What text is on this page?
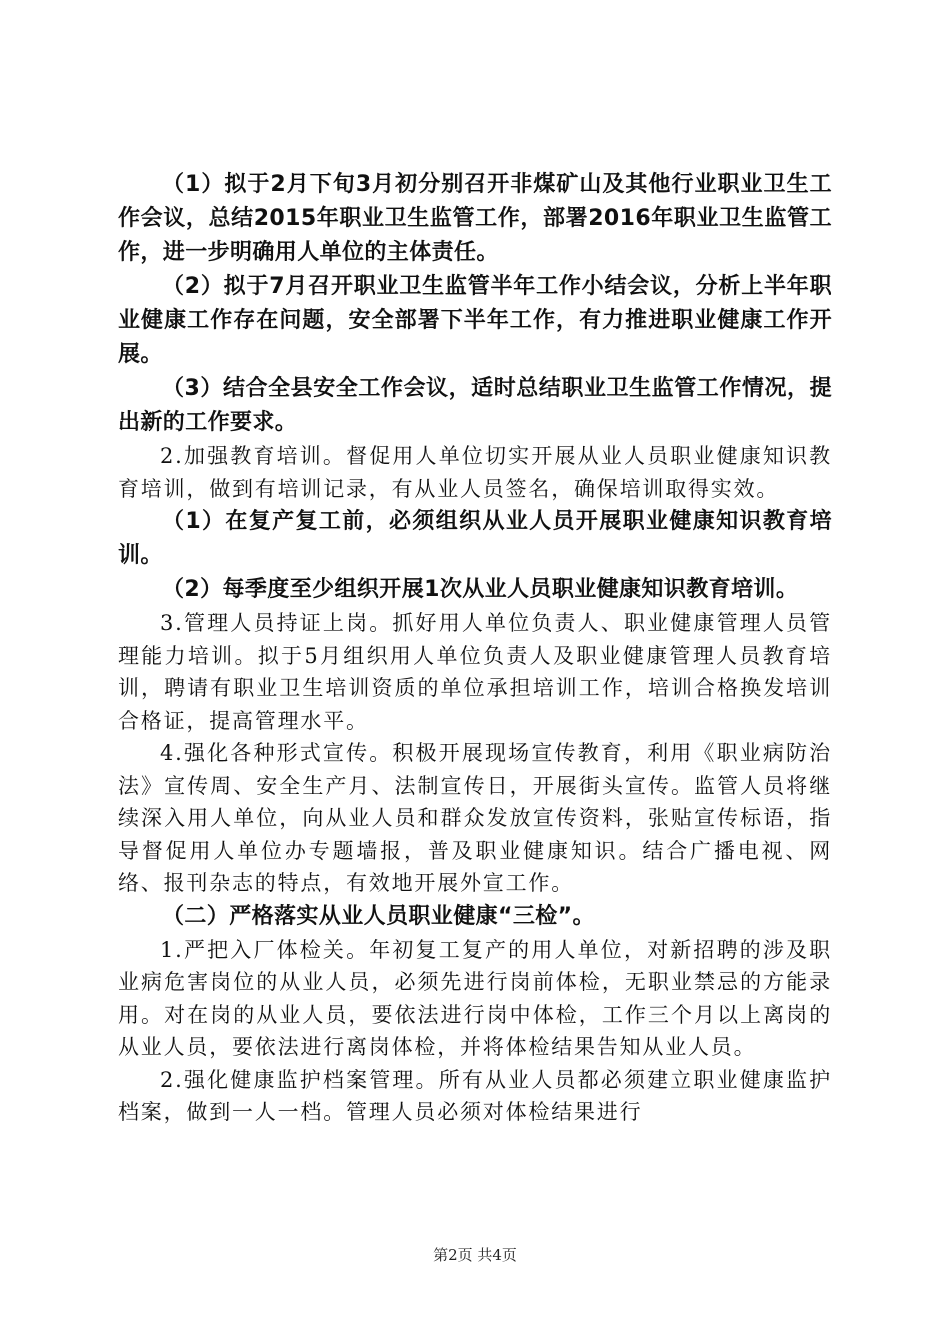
（1）拟于2月下旬3月初分别召开非煤矿山及其他行业职业卫生工作会议，总结2015年职业卫生监管工作，部署2016年职业卫生监管工作，进一步明确用人单位的主体责任。

（2）拟于7月召开职业卫生监管半年工作小结会议，分析上半年职业健康工作存在问题，安全部署下半年工作，有力推进职业健康工作开展。

（3）结合全县安全工作会议，适时总结职业卫生监管工作情况，提出新的工作要求。

2.加强教育培训。督促用人单位切实开展从业人员职业健康知识教育培训，做到有培训记录，有从业人员签名，确保培训取得实效。

（1）在复产复工前，必须组织从业人员开展职业健康知识教育培训。

（2）每季度至少组织开展1次从业人员职业健康知识教育培训。

3.管理人员持证上岗。抓好用人单位负责人、职业健康管理人员管理能力培训。拟于5月组织用人单位负责人及职业健康管理人员教育培训，聘请有职业卫生培训资质的单位承担培训工作，培训合格换发培训合格证，提高管理水平。

4.强化各种形式宣传。积极开展现场宣传教育，利用《职业病防治法》宣传周、安全生产月、法制宣传日，开展街头宣传。监管人员将继续深入用人单位，向从业人员和群众发放宣传资料，张贴宣传标语，指导督促用人单位办专题墙报，普及职业健康知识。结合广播电视、网络、报刊杂志的特点，有效地开展外宣工作。

（二）严格落实从业人员职业健康“三检”。

1.严把入厂体检关。年初复工复产的用人单位，对新招聘的涉及职业病危害岗位的从业人员，必须先进行岗前体检，无职业禁忌的方能录用。对在岗的从业人员，要依法进行岗中体检，工作三个月以上离岗的从业人员，要依法进行离岗体检，并将体检结果告知从业人员。

2.强化健康监护档案管理。所有从业人员都必须建立职业健康监护档案，做到一人一档。管理人员必须对体检结果进行

第2页 共4页
